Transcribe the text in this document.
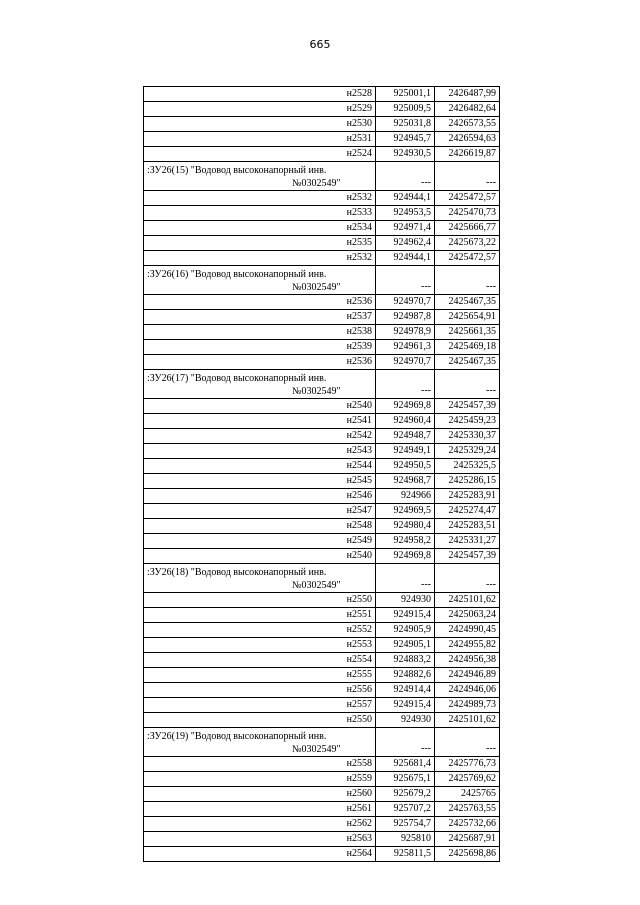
665
н2528	925001,1	2426487,99
н2529	925009,5	2426482,64
н2530	925031,8	2426573,55
н2531	924945,7	2426594,63
н2524	924930,5	2426619,87

:ЗУ26(15) "Водовод высоконапорный инв.
№0302549"	---	---
н2532	924944,1	2425472,57
н2533	924953,5	2425470,73
н2534	924971,4	2425666,77
н2535	924962,4	2425673,22
н2532	924944,1	2425472,57

:ЗУ26(16) "Водовод высоконапорный инв.
№0302549"	---	---
н2536	924970,7	2425467,35
н2537	924987,8	2425654,91
н2538	924978,9	2425661,35
н2539	924961,3	2425469,18
н2536	924970,7	2425467,35

:ЗУ26(17) "Водовод высоконапорный инв.
№0302549"	---	---
н2540	924969,8	2425457,39
н2541	924960,4	2425459,23
н2542	924948,7	2425330,37
н2543	924949,1	2425329,24
н2544	924950,5	2425325,5
н2545	924968,7	2425286,15
н2546	924966	2425283,91
н2547	924969,5	2425274,47
н2548	924980,4	2425283,51
н2549	924958,2	2425331,27
н2540	924969,8	2425457,39

:ЗУ26(18) "Водовод высоконапорный инв.
№0302549"	---	---
н2550	924930	2425101,62
н2551	924915,4	2425063,24
н2552	924905,9	2424990,45
н2553	924905,1	2424955,82
н2554	924883,2	2424956,38
н2555	924882,6	2424946,89
н2556	924914,4	2424946,06
н2557	924915,4	2424989,73
н2550	924930	2425101,62

:ЗУ26(19) "Водовод высоконапорный инв.
№0302549"	---	---
н2558	925681,4	2425776,73
н2559	925675,1	2425769,62
н2560	925679,2	2425765
н2561	925707,2	2425763,55
н2562	925754,7	2425732,66
н2563	925810	2425687,91
н2564	925811,5	2425698,86
